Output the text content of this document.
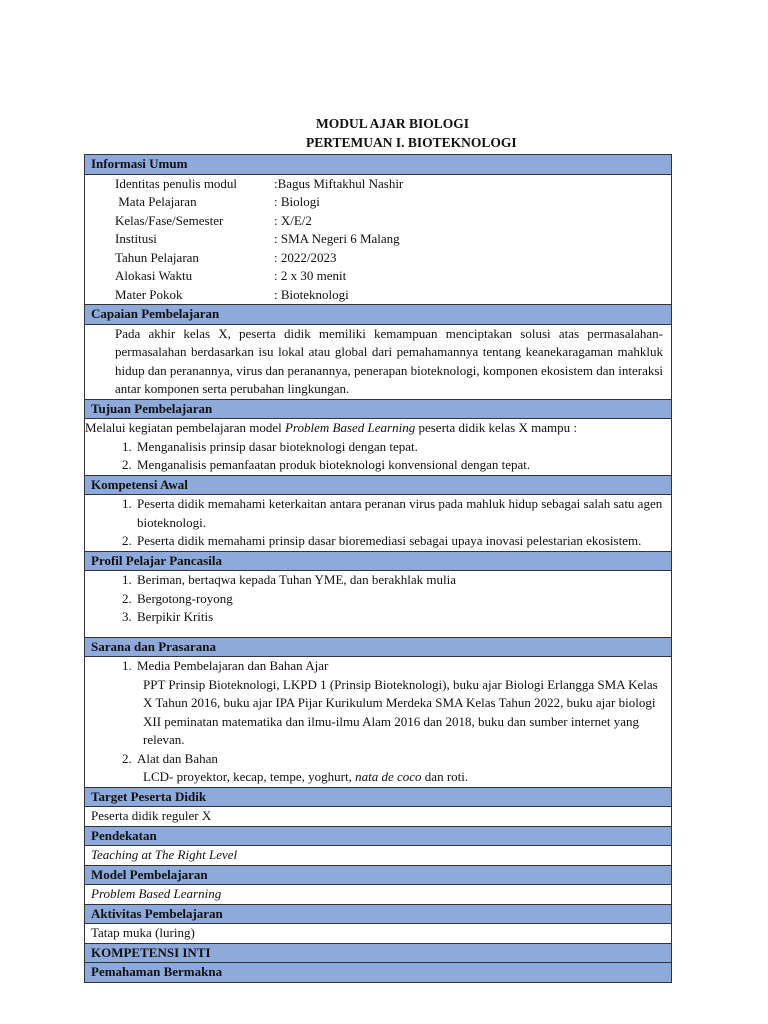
MODUL AJAR BIOLOGI
PERTEMUAN I. BIOTEKNOLOGI
Informasi Umum

Identitas penulis modul	:Bagus Miftakhul Nashir
Mata Pelajaran	: Biologi
Kelas/Fase/Semester	: X/E/2
Institusi	: SMA Negeri 6 Malang
Tahun Pelajaran	: 2022/2023
Alokasi Waktu	: 2 x 30 menit
Mater Pokok	: Bioteknologi

Capaian Pembelajaran

Pada akhir kelas X, peserta didik memiliki kemampuan menciptakan solusi atas permasalahan-permasalahan berdasarkan isu lokal atau global dari pemahamannya tentang keanekaragaman mahkluk hidup dan peranannya, virus dan peranannya, penerapan bioteknologi, komponen ekosistem dan interaksi antar komponen serta perubahan lingkungan.

Tujuan Pembelajaran

Melalui kegiatan pembelajaran model Problem Based Learning peserta didik kelas X mampu :
1. Menganalisis prinsip dasar bioteknologi dengan tepat.
2. Menganalisis pemanfaatan produk bioteknologi konvensional dengan tepat.

Kompetensi Awal

1. Peserta didik memahami keterkaitan antara peranan virus pada mahluk hidup sebagai salah satu agen bioteknologi.
2. Peserta didik memahami prinsip dasar bioremediasi sebagai upaya inovasi pelestarian ekosistem.

Profil Pelajar Pancasila

1. Beriman, bertaqwa kepada Tuhan YME, dan berakhlak mulia
2. Bergotong-royong
3. Berpikir Kritis

Sarana dan Prasarana

1. Media Pembelajaran dan Bahan Ajar
PPT Prinsip Bioteknologi, LKPD 1 (Prinsip Bioteknologi), buku ajar Biologi Erlangga SMA Kelas X Tahun 2016, buku ajar IPA Pijar Kurikulum Merdeka SMA Kelas Tahun 2022, buku ajar biologi XII peminatan matematika dan ilmu-ilmu Alam 2016 dan 2018, buku dan sumber internet yang relevan.
2. Alat dan Bahan
LCD- proyektor, kecap, tempe, yoghurt, nata de coco dan roti.

Target Peserta Didik
Peserta didik reguler X
Pendekatan
Teaching at The Right Level
Model Pembelajaran
Problem Based Learning
Aktivitas Pembelajaran
Tatap muka (luring)
KOMPETENSI INTI
Pemahaman Bermakna
